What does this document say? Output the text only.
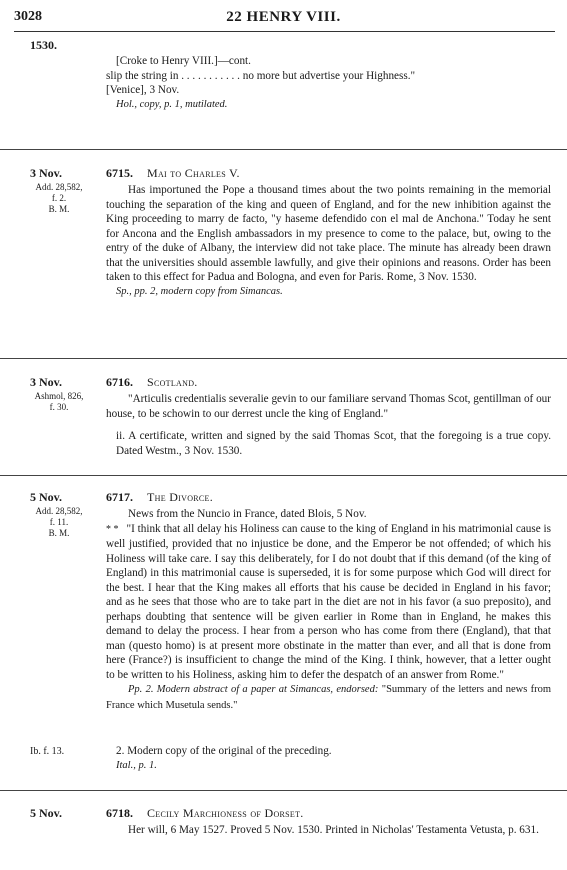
3028	22 HENRY VIII.
1530.

[Croke to Henry VIII.]—cont.

slip the string in . . . . . . . . . . . no more but advertise your Highness."

[Venice], 3 Nov.

Hol., copy, p. 1, mutilated.

3 Nov.
Add. 28,582,
f. 2.
B. M.
6715. Mai to Charles V.

Has importuned the Pope a thousand times about the two points remaining in the memorial touching the separation of the king and queen of England, and for the new inhibition against the King proceeding to marry de facto, "y haseme defendido con el mal de Anchona." Today he sent for Ancona and the English ambassadors in my presence to come to the palace, but, owing to the entry of the duke of Albany, the interview did not take place. The minute has already been drawn that the universities should assemble lawfully, and give their opinions and reasons. Order has been taken to this effect for Padua and Bologna, and even for Paris. Rome, 3 Nov. 1530.

Sp., pp. 2, modern copy from Simancas.

3 Nov.
Ashmol, 826,
f. 30.
6716. Scotland.

"Articulis credentialis severalie gevin to our familiare servand Thomas Scot, gentillman of our house, to be schowin to our derrest uncle the king of England."

ii. A certificate, written and signed by the said Thomas Scot, that the foregoing is a true copy. Dated Westm., 3 Nov. 1530.

5 Nov.
Add. 28,582,
f. 11.
B. M.
6717. The Divorce.

News from the Nuncio in France, dated Blois, 5 Nov.

* * "I think that all delay his Holiness can cause to the king of England in his matrimonial cause is well justified, provided that no injustice be done, and the Emperor be not offended; of which his Holiness will take care. I say this deliberately, for I do not doubt that if this demand (of the king of England) in this matrimonial cause is superseded, it is for some purpose which God will direct for the best. I hear that the King makes all efforts that his cause be decided in England in his favor; and as he sees that those who are to take part in the diet are not in his favor (a suo preposito), and perhaps doubting that sentence will be given earlier in Rome than in England, he makes this demand to delay the process. I hear from a person who has come from there (England), that that man (questo homo) is at present more obstinate in the matter than ever, and all that is done from here (France?) is insufficient to change the mind of the King. I think, however, that a letter ought to be written to his Holiness, asking him to defer the despatch of an answer from Rome."

Pp. 2. Modern abstract of a paper at Simancas, endorsed: "Summary of the letters and news from France which Musetula sends."

Ib. f. 13.	2. Modern copy of the original of the preceding.

Ital., p. 1.

5 Nov.	6718. Cecily Marchioness of Dorset.

Her will, 6 May 1527. Proved 5 Nov. 1530. Printed in Nicholas' Testamenta Vetusta, p. 631.
